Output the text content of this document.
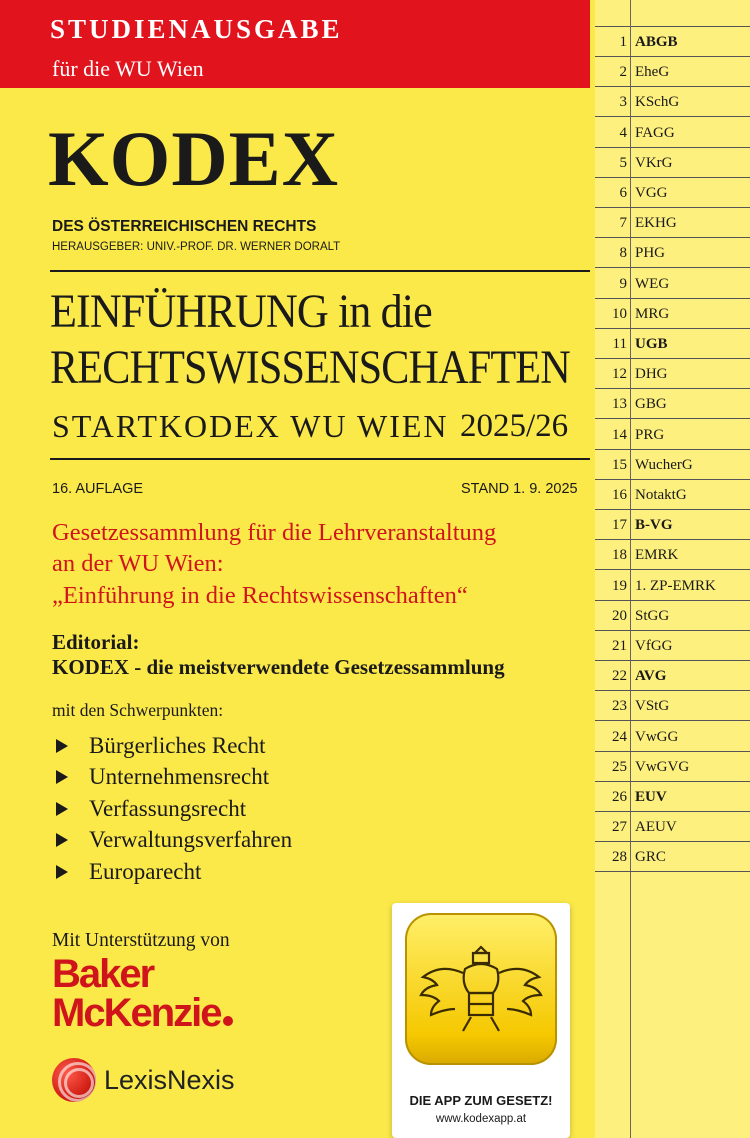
STUDIENAUSGABE
für die WU Wien
KODEX
DES ÖSTERREICHISCHEN RECHTS
HERAUSGEBER: UNIV.-PROF. DR. WERNER DORALT
EINFÜHRUNG in die
RECHTSWISSENSCHAFTEN
STARTKODEX WU WIEN 2025/26
16. AUFLAGE	STAND 1. 9. 2025
Gesetzessammlung für die Lehrveranstaltung
an der WU Wien:
„Einführung in die Rechtswissenschaften“
Editorial:
KODEX - die meistverwendete Gesetzessammlung
mit den Schwerpunkten:
Bürgerliches Recht
Unternehmensrecht
Verfassungsrecht
Verwaltungsverfahren
Europarecht
Mit Unterstützung von
Baker
McKenzie
LexisNexis
DIE APP ZUM GESETZ!
www.kodexapp.at
1 ABGB
2 EheG
3 KSchG
4 FAGG
5 VKrG
6 VGG
7 EKHG
8 PHG
9 WEG
10 MRG
11 UGB
12 DHG
13 GBG
14 PRG
15 WucherG
16 NotaktG
17 B-VG
18 EMRK
19 1. ZP-EMRK
20 StGG
21 VfGG
22 AVG
23 VStG
24 VwGG
25 VwGVG
26 EUV
27 AEUV
28 GRC
